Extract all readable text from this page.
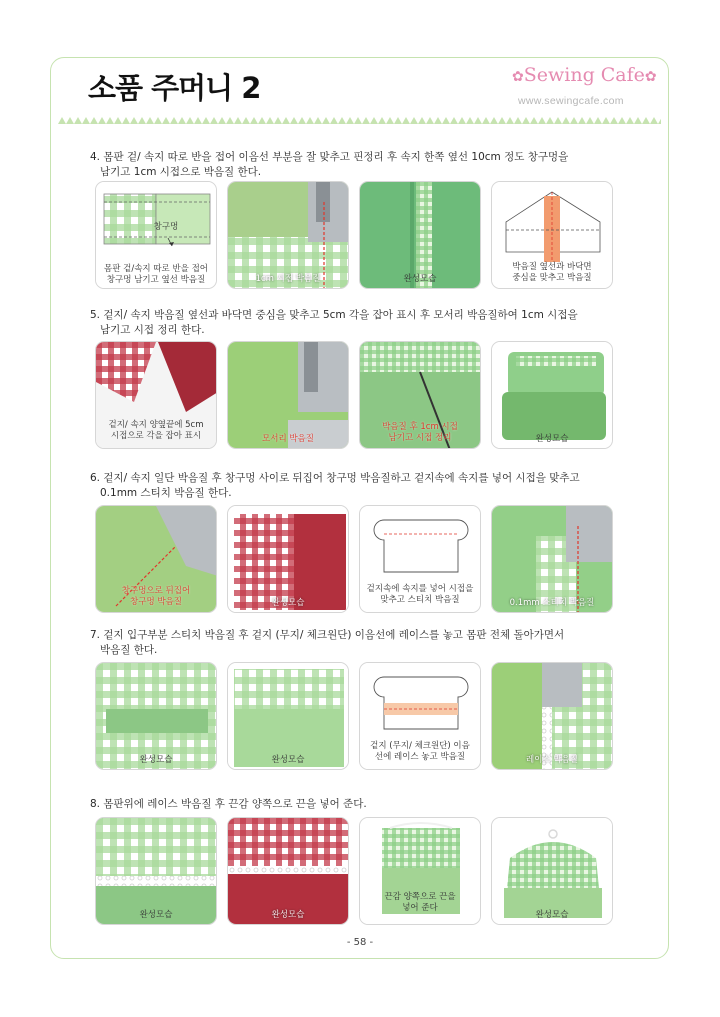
소품 주머니 2	✿Sewing Cafe✿
www.sewingcafe.com
4. 몸판 겉/ 속지 따로 반을 접어 이음선 부분을 잘 맞추고 핀정리 후 속지 한쪽 옆선 10cm 정도 창구멍을
남기고 1cm 시접으로 박음질 한다.
창구멍
몸판 겉/속지 따로 반을 접어
창구멍 남기고 옆선 박음질	1cm 시접 박음질	완성모습
박음질 옆선과 바닥면
중심을 맞추고 박음질
5. 겉지/ 속지 박음질 옆선과 바닥면 중심을 맞추고 5cm 각을 잡아 표시 후 모서리 박음질하여 1cm 시접을
남기고 시접 정리 한다.
겉지/ 속지 양옆끝에 5cm
시접으로 각을 잡아 표시	모서리 박음질
박음질 후 1cm 시접
남기고 시접 정리	완성모습
6. 겉지/ 속지 일단 박음질 후 창구멍 사이로 뒤집어 창구멍 박음질하고 겉지속에 속지를 넣어 시접을 맞추고
0.1mm 스티치 박음질 한다.
창구멍으로 뒤집어
창구멍 박음질	완성모습
겉지속에 속지를 넣어 시접을
맞추고 스티치 박음질	0.1mm 스티치 박음질
7. 겉지 입구부분 스티치 박음질 후 겉지 (무지/ 체크원단) 이음선에 레이스를 놓고 몸판 전체 돌아가면서
박음질 한다.
완성모습	완성모습
겉지 (무지/ 체크원단) 이음
선에 레이스 놓고 박음질	레이스 박음질
8. 몸판위에 레이스 박음질 후 끈감 양쪽으로 끈을 넣어 준다.
완성모습	완성모습
끈감 양쪽으로 끈을
넣어 준다
완성모습
- 58 -
